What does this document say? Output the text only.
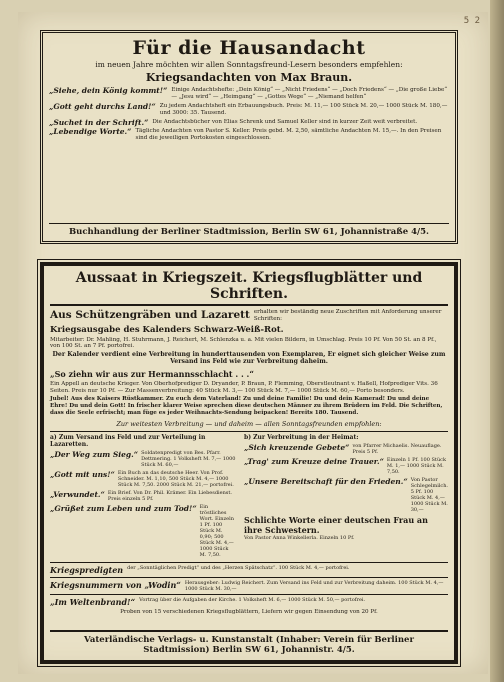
5 2
Für die Hausandacht
im neuen Jahre möchten wir allen Sonntagsfreund-Lesern besonders empfehlen:
Kriegsandachten von Max Braun.
„Siehe, dein König kommt!“ Einige Andachtshefte: „Dein König“ — „Nicht Friedens“ — „Doch Friedens“ — „Die große Liebe“ — „Jesu wird“ — „Heimgang“ — „Gottes Wege“ — „Niemand helfen“
„Gott geht durchs Land!“ Zu jedem Andachtsheft ein Erbauungsbuch. Preis: M. 11,— 100 Stück M. 20,— 1000 Stück M. 180,— und 3000: 35. Tausend.
„Suchet in der Schrift.“ Die Andachtsbücher von Elias Schrenk und Samuel Keller sind in kurzer Zeit weit verbreitet.
„Lebendige Worte.“ Tägliche Andachten von Pastor S. Keller. Preis gebd. M. 2,50, sämtliche Andachten M. 15,—. In den Preisen sind die jeweiligen Portokosten eingeschlossen.
Buchhandlung der Berliner Stadtmission, Berlin SW 61, Johannistraße 4/5.
Aussaat in Kriegszeit. Kriegsflugblätter und Schriften.
Aus Schützengräben und Lazarett erhalten wir beständig neue Zuschriften mit Anforderung unserer Schriften:
Kriegsausgabe des Kalenders Schwarz-Weiß-Rot.
Mitarbeiter: Dr. Mahling, H. Stuhrmann, J. Reichert, M. Schlenzka u. a. Mit vielen Bildern, in Umschlag. Preis 10 Pf. Von 50 St. an 8 Pf., von 100 St. an 7 Pf. portofrei.
Der Kalender verdient eine Verbreitung in hunderttausenden von Exemplaren, Er eignet sich gleicher Weise zum Versand ins Feld wie zur Verbreitung daheim.
„So ziehn wir aus zur Hermannsschlacht . . .“
Ein Appell an deutsche Krieger. Von Oberhofprediger D. Dryander, P. Braun, P. Flemming, Oberstleutnant v. Haßell, Hofprediger Vits. 36 Seiten. Preis nur 10 Pf. — Zur Massenverbreitung: 40 Stück M. 3,— 100 Stück M. 7,— 1000 Stück M. 60,— Porto besonders.
Jubel! Aus des Kaisers Rüstkammer. Zu euch dem Vaterland! Zu und deine Familie! Du und dein Kamerad! Du und deine Ehre! Du und dein Gott! In frischer klarer Weise sprechen diese deutschen Männer zu ihrem Brüdern im Feld. Die Schriften, dass die Seele erfrischt; man füge es jeder Weihnachts-Sendung beipacken! Bereits 180. Tausend.
Zur weitesten Verbreitung — und daheim — allen Sonntagsfreunden empfohlen:
a) Zum Versand ins Feld und zur Verteilung in Lazaretten.
„Der Weg zum Sieg.“ Soldatenpredigt von Bes. Pfarr. Dettmering. 1 Volksheft M. 7,— 1000 Stück M. 60,—
„Gott mit uns!“ Ein Buch an das deutsche Heer. Von Prof. Schneider. M. 1,10, 500 Stück M. 4,— 1000 Stück M. 7,50. 2000 Stück M. 21,— portofrei.
„Verwundet.“ Ein Brief. Von Dr. Phil. Krämer. Ein Liebesdienst. Preis einzeln 5 Pf.
„Grüßet zum Leben und zum Tod!“ Ein tröstliches Wort. Einzeln 1 Pf. 100 Stück M. 0,90; 500 Stück M. 4,— 1000 Stück M. 7,50.
b) Zur Verbreitung in der Heimat:
„Sich kreuzende Gebete“ von Pfarrer Michaelis. Neuauflage. Preis 5 Pf.
„Trag' zum Kreuze deine Trauer.“ Einzeln 1 Pf. 100 Stück M. 1,— 1000 Stück M. 7,50.
„Unsere Bereitschaft für den Frieden.“ Von Pastor Schlegelmilch. 5 Pf. 100 Stück M. 4,— 1000 Stück M. 30,—
Schlichte Worte einer deutschen Frau an ihre Schwestern.
Von Pastor Anna Winkellerla. Einzeln 10 Pf.
Kriegspredigten der „Sonntäglichen Predigt“ und des „Herzen Spätschatz“. 100 Stück M. 4,— portofrei.
Kriegsnummern von „Wodin“ Herausgeber: Ludwig Reichert. Zum Versand ins Feld und zur Verbreitung daheim. 100 Stück M. 4,— 1000 Stück M. 30,—
„Im Weltenbrand!“ Vortrag über die Aufgaben der Kirche. 1 Volksheft M. 6,— 1000 Stück M. 50,— portofrei.
Proben von 15 verschiedenen Kriegsflugblättern, Liefern wir gegen Einsendung von 20 Pf.
Vaterländische Verlags- u. Kunstanstalt (Inhaber: Verein für Berliner Stadtmission) Berlin SW 61, Johannistr. 4/5.
